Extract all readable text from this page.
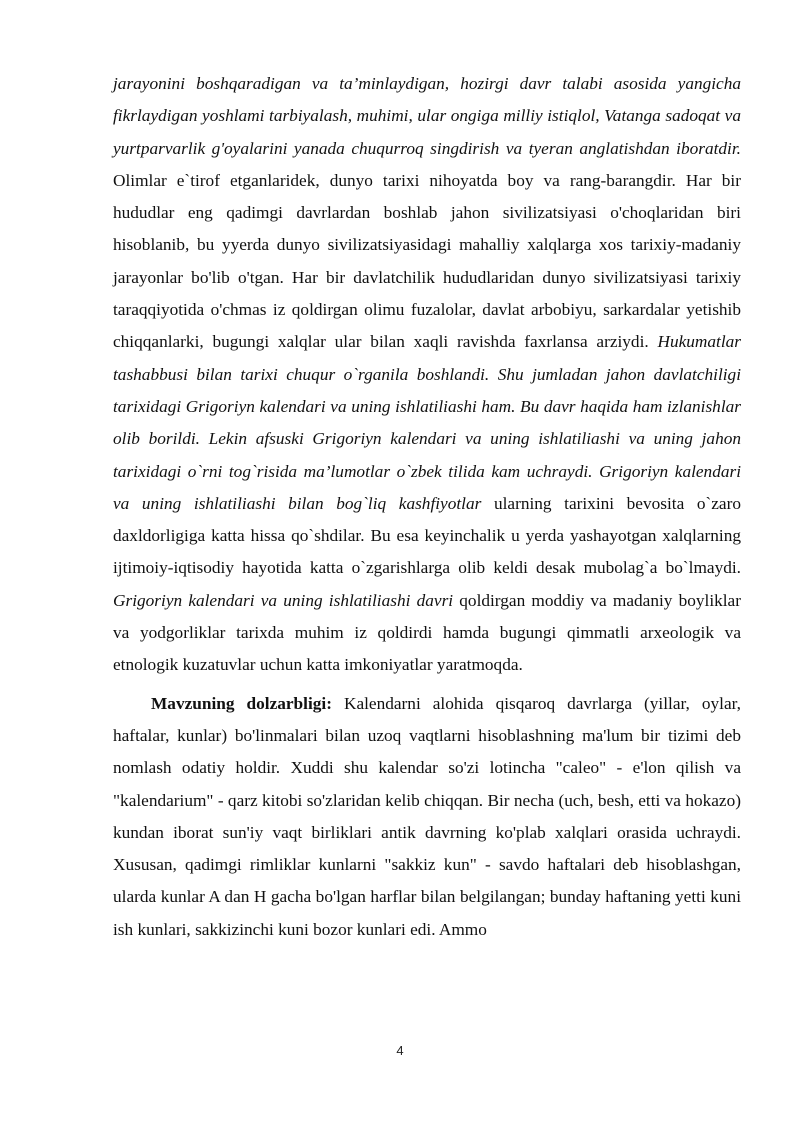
jarayonini boshqaradigan va ta’minlaydigan, hozirgi davr talabi asosida yangicha fikrlaydigan yoshlami tarbiyalash, muhimi, ular ongiga milliy istiqlol, Vatanga sadoqat va yurtparvarlik g'oyalarini yanada chuqurroq singdirish va tyeran anglatishdan iboratdir. Olimlar e`tirof etganlaridek, dunyo tarixi nihoyatda boy va rang-barangdir. Har bir hududlar eng qadimgi davrlardan boshlab jahon sivilizatsiyasi o'choqlaridan biri hisoblanib, bu yyerda dunyo sivilizatsiyasidagi mahalliy xalqlarga xos tarixiy-madaniy jarayonlar bo'lib o'tgan. Har bir davlatchilik hududlaridan dunyo sivilizatsiyasi tarixiy taraqqiyotida o'chmas iz qoldirgan olimu fuzalolar, davlat arbobiyu, sarkardalar yetishib chiqqanlarki, bugungi xalqlar ular bilan xaqli ravishda faxrlansa arziydi. Hukumatlar tashabbusi bilan tarixi chuqur o`rganila boshlandi. Shu jumladan jahon davlatchiligi tarixidagi Grigoriyn kalendari va uning ishlatiliashi ham. Bu davr haqida ham izlanishlar olib borildi. Lekin afsuski Grigoriyn kalendari va uning ishlatiliashi va uning jahon tarixidagi o`rni tog`risida ma’lumotlar o`zbek tilida kam uchraydi. Grigoriyn kalendari va uning ishlatiliashi bilan bog`liq kashfiyotlar ularning tarixini bevosita o`zaro daxldorligiga katta hissa qo`shdilar. Bu esa keyinchalik u yerda yashayotgan xalqlarning ijtimoiy-iqtisodiy hayotida katta o`zgarishlarga olib keldi desak mubolag`a bo`lmaydi. Grigoriyn kalendari va uning ishlatiliashi davri qoldirgan moddiy va madaniy boyliklar va yodgorliklar tarixda muhim iz qoldirdi hamda bugungi qimmatli arxeologik va etnologik kuzatuvlar uchun katta imkoniyatlar yaratmoqda.

Mavzuning dolzarbligi: Kalendarni alohida qisqaroq davrlarga (yillar, oylar, haftalar, kunlar) bo'linmalari bilan uzoq vaqtlarni hisoblashning ma'lum bir tizimi deb nomlash odatiy holdir. Xuddi shu kalendar so'zi lotincha "caleo" - e'lon qilish va "kalendarium" - qarz kitobi so'zlaridan kelib chiqqan. Bir necha (uch, besh, etti va hokazo) kundan iborat sun'iy vaqt birliklari antik davrning ko'plab xalqlari orasida uchraydi. Xususan, qadimgi rimliklar kunlarni "sakkiz kun" - savdo haftalari deb hisoblashgan, ularda kunlar A dan H gacha bo'lgan harflar bilan belgilangan; bunday haftaning yetti kuni ish kunlari, sakkizinchi kuni bozor kunlari edi. Ammo

4
